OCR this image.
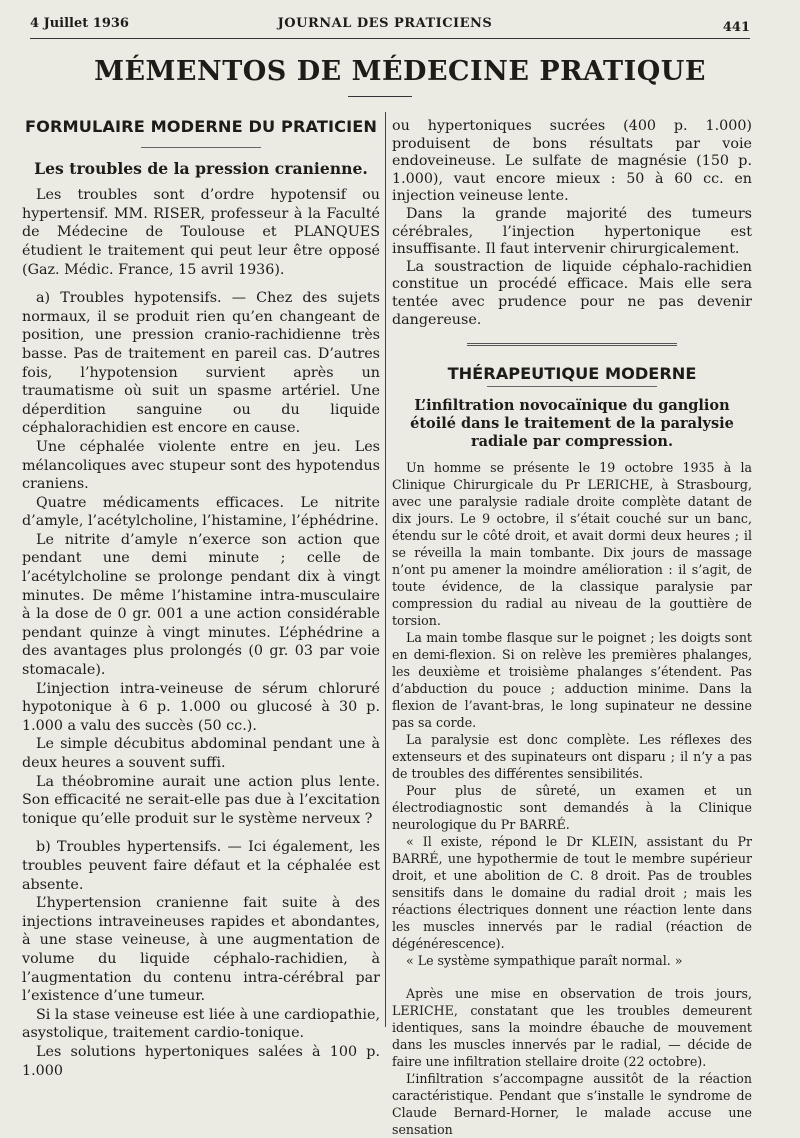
4 Juillet 1936	JOURNAL DES PRATICIENS	441
MÉMENTOS DE MÉDECINE PRATIQUE
FORMULAIRE MODERNE DU PRATICIEN
Les troubles de la pression cranienne.

Les troubles sont d’ordre hypotensif ou hypertensif. MM. RISER, professeur à la Faculté de Médecine de Toulouse et PLANQUES étudient le traitement qui peut leur être opposé (Gaz. Médic. France, 15 avril 1936).

a) Troubles hypotensifs. — Chez des sujets normaux, il se produit rien qu’en changeant de position, une pression cranio-rachidienne très basse. Pas de traitement en pareil cas. D’autres fois, l’hypotension survient après un traumatisme où suit un spasme artériel. Une déperdition sanguine ou du liquide céphalorachidien est encore en cause.

Une céphalée violente entre en jeu. Les mélancoliques avec stupeur sont des hypotendus craniens.

Quatre médicaments efficaces. Le nitrite d’amyle, l’acétylcholine, l’histamine, l’éphédrine.

Le nitrite d’amyle n’exerce son action que pendant une demi minute ; celle de l’acétylcholine se prolonge pendant dix à vingt minutes. De même l’histamine intra-musculaire à la dose de 0 gr. 001 a une action considérable pendant quinze à vingt minutes. L’éphédrine a des avantages plus prolongés (0 gr. 03 par voie stomacale).

L’injection intra-veineuse de sérum chloruré hypotonique à 6 p. 1.000 ou glucosé à 30 p. 1.000 a valu des succès (50 cc.).

Le simple décubitus abdominal pendant une à deux heures a souvent suffi.

La théobromine aurait une action plus lente. Son efficacité ne serait-elle pas due à l’excitation tonique qu’elle produit sur le système nerveux ?

b) Troubles hypertensifs. — Ici également, les troubles peuvent faire défaut et la céphalée est absente.

L’hypertension cranienne fait suite à des injections intraveineuses rapides et abondantes, à une stase veineuse, à une augmentation de volume du liquide céphalo-rachidien, à l’augmentation du contenu intra-cérébral par l’existence d’une tumeur.

Si la stase veineuse est liée à une cardiopathie, asystolique, traitement cardio-tonique.

Les solutions hypertoniques salées à 100 p. 1.000

ou hypertoniques sucrées (400 p. 1.000) produisent de bons résultats par voie endoveineuse. Le sulfate de magnésie (150 p. 1.000), vaut encore mieux : 50 à 60 cc. en injection veineuse lente.

Dans la grande majorité des tumeurs cérébrales, l’injection hypertonique est insuffisante. Il faut intervenir chirurgicalement.

La soustraction de liquide céphalo-rachidien constitue un procédé efficace. Mais elle sera tentée avec prudence pour ne pas devenir dangereuse.

THÉRAPEUTIQUE MODERNE
L’infiltration novocaïnique du ganglion étoilé dans le traitement de la paralysie radiale par compression.

Un homme se présente le 19 octobre 1935 à la Clinique Chirurgicale du Pr LERICHE, à Strasbourg, avec une paralysie radiale droite complète datant de dix jours. Le 9 octobre, il s’était couché sur un banc, étendu sur le côté droit, et avait dormi deux heures ; il se réveilla la main tombante. Dix jours de massage n’ont pu amener la moindre amélioration : il s’agit, de toute évidence, de la classique paralysie par compression du radial au niveau de la gouttière de torsion.

La main tombe flasque sur le poignet ; les doigts sont en demi-flexion. Si on relève les premières phalanges, les deuxième et troisième phalanges s’étendent. Pas d’abduction du pouce ; adduction minime. Dans la flexion de l’avant-bras, le long supinateur ne dessine pas sa corde.

La paralysie est donc complète. Les réflexes des extenseurs et des supinateurs ont disparu ; il n’y a pas de troubles des différentes sensibilités.

Pour plus de sûreté, un examen et un électrodiagnostic sont demandés à la Clinique neurologique du Pr BARRÉ.

« Il existe, répond le Dr KLEIN, assistant du Pr BARRÉ, une hypothermie de tout le membre supérieur droit, et une abolition de C. 8 droit. Pas de troubles sensitifs dans le domaine du radial droit ; mais les réactions électriques donnent une réaction lente dans les muscles innervés par le radial (réaction de dégénérescence).

« Le système sympathique paraît normal. »

Après une mise en observation de trois jours, LERICHE, constatant que les troubles demeurent identiques, sans la moindre ébauche de mouvement dans les muscles innervés par le radial, — décide de faire une infiltration stellaire droite (22 octobre).

L’infiltration s’accompagne aussitôt de la réaction caractéristique. Pendant que s’installe le syndrome de Claude Bernard-Horner, le malade accuse une sensation
